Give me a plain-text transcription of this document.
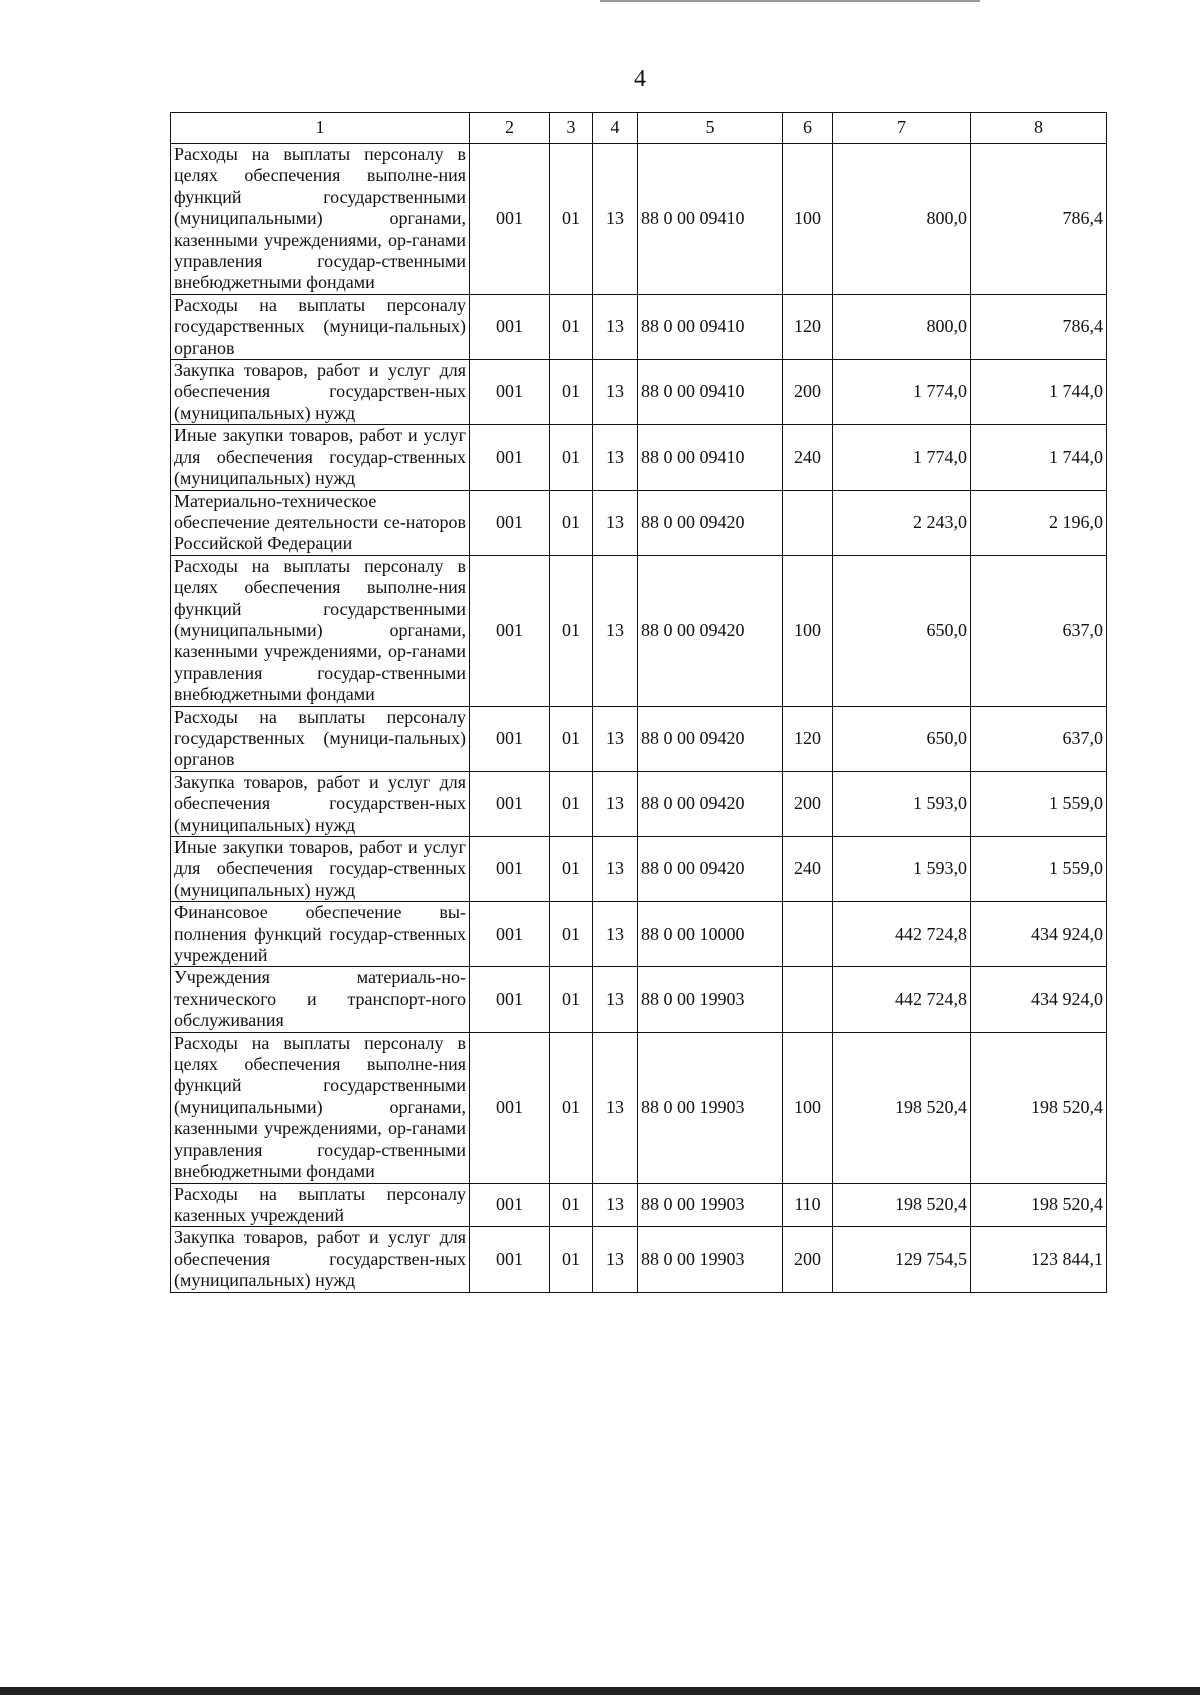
4
1	2	3	4	5	6	7	8
Расходы на выплаты персоналу в целях обеспечения выполне-ния функций государственными (муниципальными) органами, казенными учреждениями, ор-ганами управления государ-ственными внебюджетными фондами	001	01	13	88 0 00 09410	100	800,0	786,4
Расходы на выплаты персоналу государственных (муници-пальных) органов	001	01	13	88 0 00 09410	120	800,0	786,4
Закупка товаров, работ и услуг для обеспечения государствен-ных (муниципальных) нужд	001	01	13	88 0 00 09410	200	1 774,0	1 744,0
Иные закупки товаров, работ и услуг для обеспечения государ-ственных (муниципальных) нужд	001	01	13	88 0 00 09410	240	1 774,0	1 744,0
Материально-техническое обеспечение деятельности се-наторов Российской Федерации	001	01	13	88 0 00 09420		2 243,0	2 196,0
Расходы на выплаты персоналу в целях обеспечения выполне-ния функций государственными (муниципальными) органами, казенными учреждениями, ор-ганами управления государ-ственными внебюджетными фондами	001	01	13	88 0 00 09420	100	650,0	637,0
Расходы на выплаты персоналу государственных (муници-пальных) органов	001	01	13	88 0 00 09420	120	650,0	637,0
Закупка товаров, работ и услуг для обеспечения государствен-ных (муниципальных) нужд	001	01	13	88 0 00 09420	200	1 593,0	1 559,0
Иные закупки товаров, работ и услуг для обеспечения государ-ственных (муниципальных) нужд	001	01	13	88 0 00 09420	240	1 593,0	1 559,0
Финансовое обеспечение вы-полнения функций государ-ственных учреждений	001	01	13	88 0 00 10000		442 724,8	434 924,0
Учреждения материаль-но-технического и транспорт-ного обслуживания	001	01	13	88 0 00 19903		442 724,8	434 924,0
Расходы на выплаты персоналу в целях обеспечения выполне-ния функций государственными (муниципальными) органами, казенными учреждениями, ор-ганами управления государ-ственными внебюджетными фондами	001	01	13	88 0 00 19903	100	198 520,4	198 520,4
Расходы на выплаты персоналу казенных учреждений	001	01	13	88 0 00 19903	110	198 520,4	198 520,4
Закупка товаров, работ и услуг для обеспечения государствен-ных (муниципальных) нужд	001	01	13	88 0 00 19903	200	129 754,5	123 844,1
